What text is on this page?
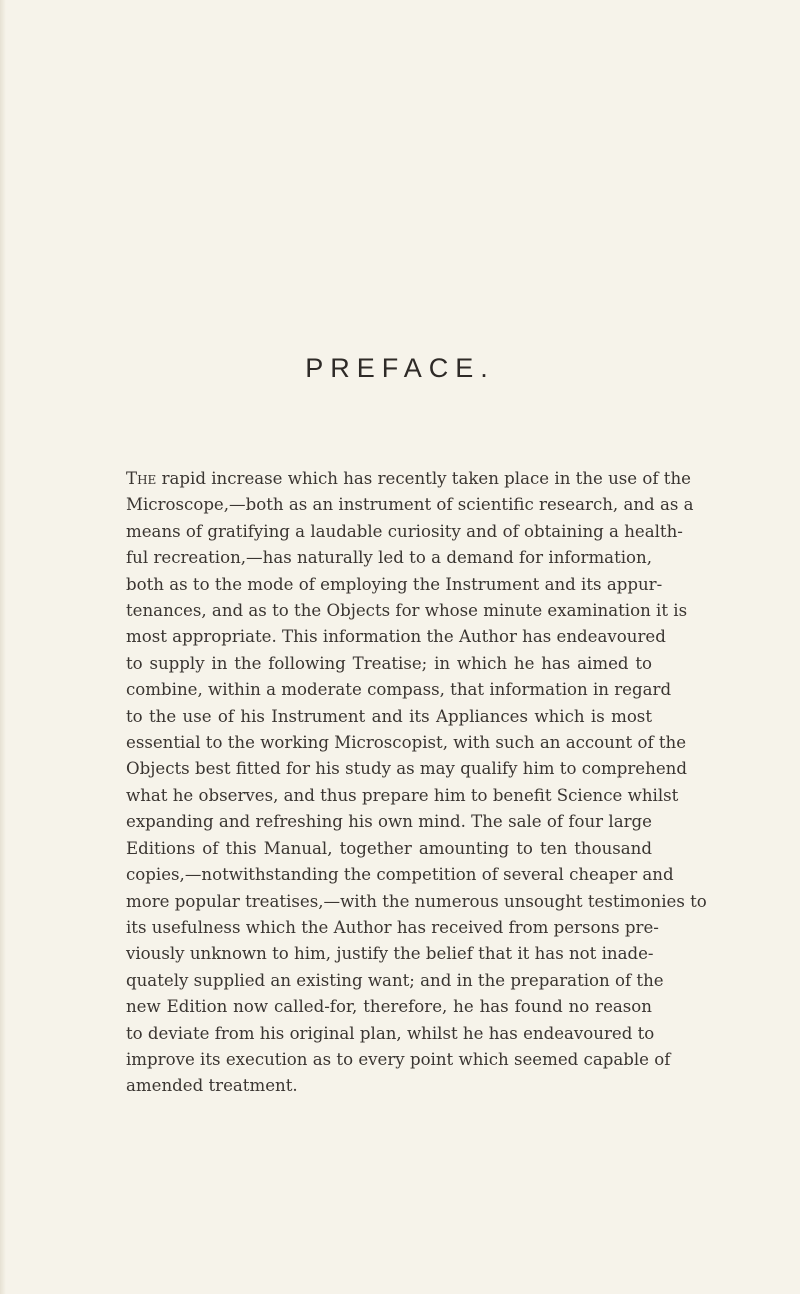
PREFACE.

The rapid increase which has recently taken place in the use of the
Microscope,—both as an instrument of scientific research, and as a
means of gratifying a laudable curiosity and of obtaining a health-
ful recreation,—has naturally led to a demand for information,
both as to the mode of employing the Instrument and its appur-
tenances, and as to the Objects for whose minute examination it is
most appropriate. This information the Author has endeavoured
to supply in the following Treatise; in which he has aimed to
combine, within a moderate compass, that information in regard
to the use of his Instrument and its Appliances which is most
essential to the working Microscopist, with such an account of the
Objects best fitted for his study as may qualify him to comprehend
what he observes, and thus prepare him to benefit Science whilst
expanding and refreshing his own mind. The sale of four large
Editions of this Manual, together amounting to ten thousand
copies,—notwithstanding the competition of several cheaper and
more popular treatises,—with the numerous unsought testimonies to
its usefulness which the Author has received from persons pre-
viously unknown to him, justify the belief that it has not inade-
quately supplied an existing want; and in the preparation of the
new Edition now called-for, therefore, he has found no reason
to deviate from his original plan, whilst he has endeavoured to
improve its execution as to every point which seemed capable of
amended treatment.
